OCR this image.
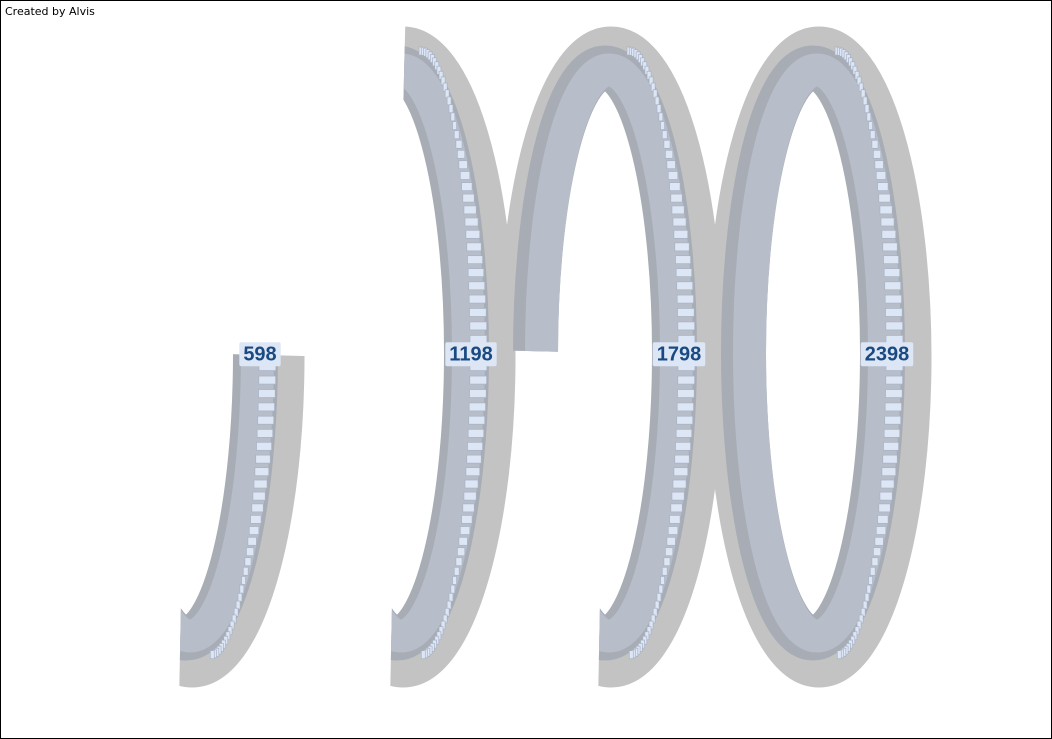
Created by Alvis
598	1198	1798	2398
